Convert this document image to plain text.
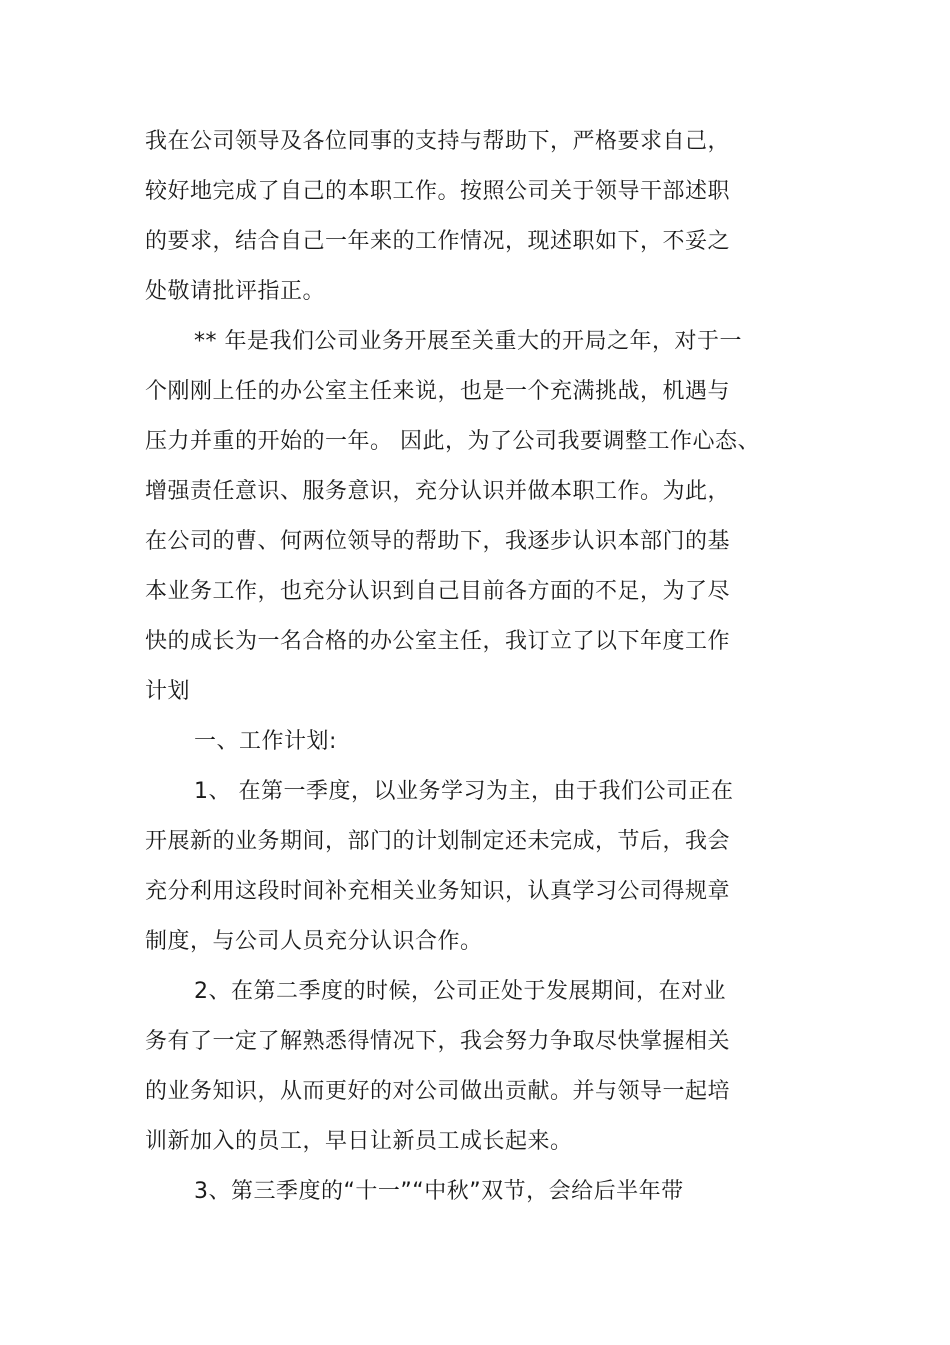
我在公司领导及各位同事的支持与帮助下，严格要求自己，
较好地完成了自己的本职工作。按照公司关于领导干部述职
的要求，结合自己一年来的工作情况，现述职如下，不妥之
处敬请批评指正。
** 年是我们公司业务开展至关重大的开局之年，对于一
个刚刚上任的办公室主任来说，也是一个充满挑战，机遇与
压力并重的开始的一年。 因此，为了公司我要调整工作心态、
增强责任意识、服务意识，充分认识并做本职工作。为此，
在公司的曹、何两位领导的帮助下，我逐步认识本部门的基
本业务工作，也充分认识到自己目前各方面的不足，为了尽
快的成长为一名合格的办公室主任，我订立了以下年度工作
计划
一、工作计划:
1、 在第一季度，以业务学习为主，由于我们公司正在
开展新的业务期间，部门的计划制定还未完成，节后，我会
充分利用这段时间补充相关业务知识，认真学习公司得规章
制度，与公司人员充分认识合作。
2、在第二季度的时候，公司正处于发展期间，在对业
务有了一定了解熟悉得情况下，我会努力争取尽快掌握相关
的业务知识，从而更好的对公司做出贡献。并与领导一起培
训新加入的员工，早日让新员工成长起来。
3、第三季度的“十一”“中秋”双节，会给后半年带
